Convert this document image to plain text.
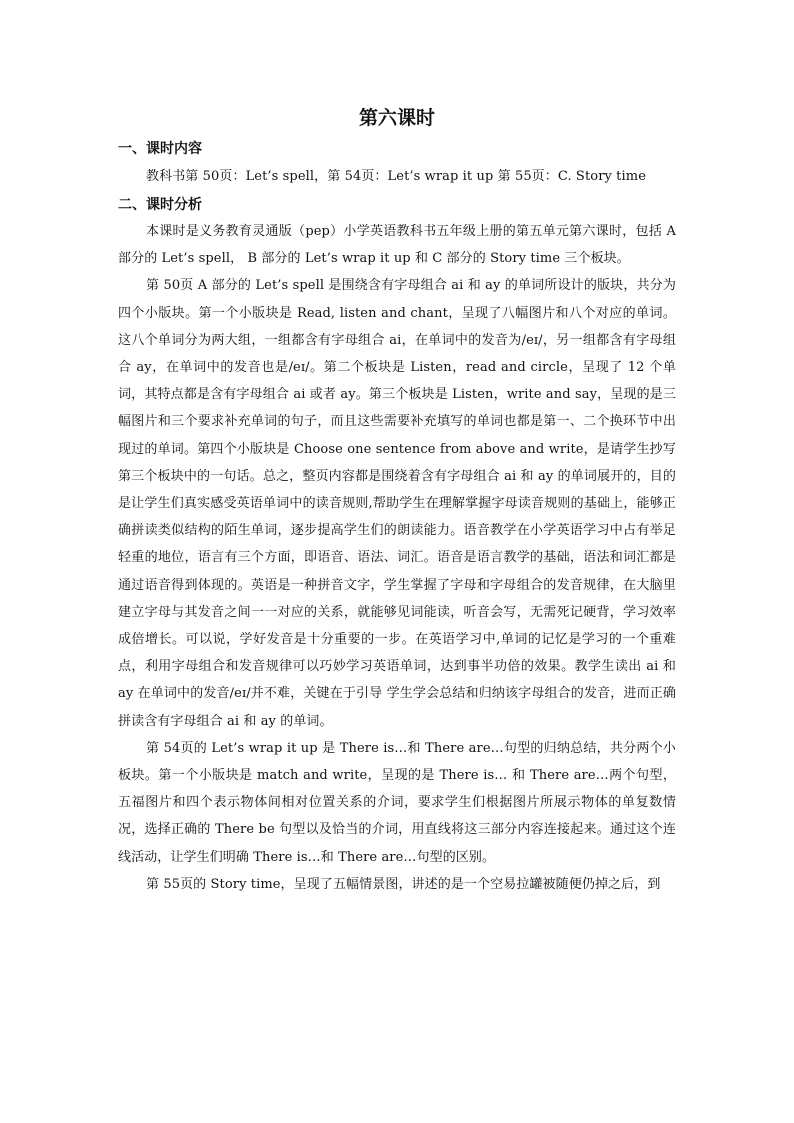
第六课时
一、课时内容

教科书第 50页：Let’s spell，第 54页：Let’s wrap it up 第 55页：C. Story time

二、课时分析

本课时是义务教育灵通版（pep）小学英语教科书五年级上册的第五单元第六课时，包括 A 部分的 Let’s spell， B 部分的 Let’s wrap it up 和 C 部分的 Story time 三个板块。

第 50页 A 部分的 Let’s spell 是围绕含有字母组合 ai 和 ay 的单词所设计的版块，共分为四个小版块。第一个小版块是 Read, listen and chant，呈现了八幅图片和八个对应的单词。这八个单词分为两大组，一组都含有字母组合 ai，在单词中的发音为/eɪ/，另一组都含有字母组合 ay，在单词中的发音也是/eɪ/。第二个板块是 Listen，read and circle，呈现了 12 个单词，其特点都是含有字母组合 ai 或者 ay。第三个板块是 Listen，write and say，呈现的是三幅图片和三个要求补充单词的句子，而且这些需要补充填写的单词也都是第一、二个换环节中出现过的单词。第四个小版块是 Choose one sentence from above and write，是请学生抄写第三个板块中的一句话。总之，整页内容都是围绕着含有字母组合 ai 和 ay 的单词展开的，目的是让学生们真实感受英语单词中的读音规则,帮助学生在理解掌握字母读音规则的基础上，能够正确拼读类似结构的陌生单词，逐步提高学生们的朗读能力。语音教学在小学英语学习中占有举足轻重的地位，语言有三个方面，即语音、语法、词汇。语音是语言教学的基础，语法和词汇都是通过语音得到体现的。英语是一种拼音文字，学生掌握了字母和字母组合的发音规律，在大脑里建立字母与其发音之间一一对应的关系，就能够见词能读，听音会写，无需死记硬背，学习效率成倍增长。可以说，学好发音是十分重要的一步。在英语学习中,单词的记忆是学习的一个重难点，利用字母组合和发音规律可以巧妙学习英语单词，达到事半功倍的效果。教学生读出 ai 和 ay 在单词中的发音/eɪ/并不难，关键在于引导 学生学会总结和归纳该字母组合的发音，进而正确拼读含有字母组合 ai 和 ay 的单词。

第 54页的 Let’s wrap it up 是 There is…和 There are…句型的归纳总结，共分两个小板块。第一个小版块是 match and write，呈现的是 There is… 和 There are…两个句型，五福图片和四个表示物体间相对位置关系的介词，要求学生们根据图片所展示物体的单复数情况，选择正确的 There be 句型以及恰当的介词，用直线将这三部分内容连接起来。通过这个连线活动，让学生们明确 There is…和 There are…句型的区别。

第 55页的 Story time，呈现了五幅情景图，讲述的是一个空易拉罐被随便仍掉之后，到
